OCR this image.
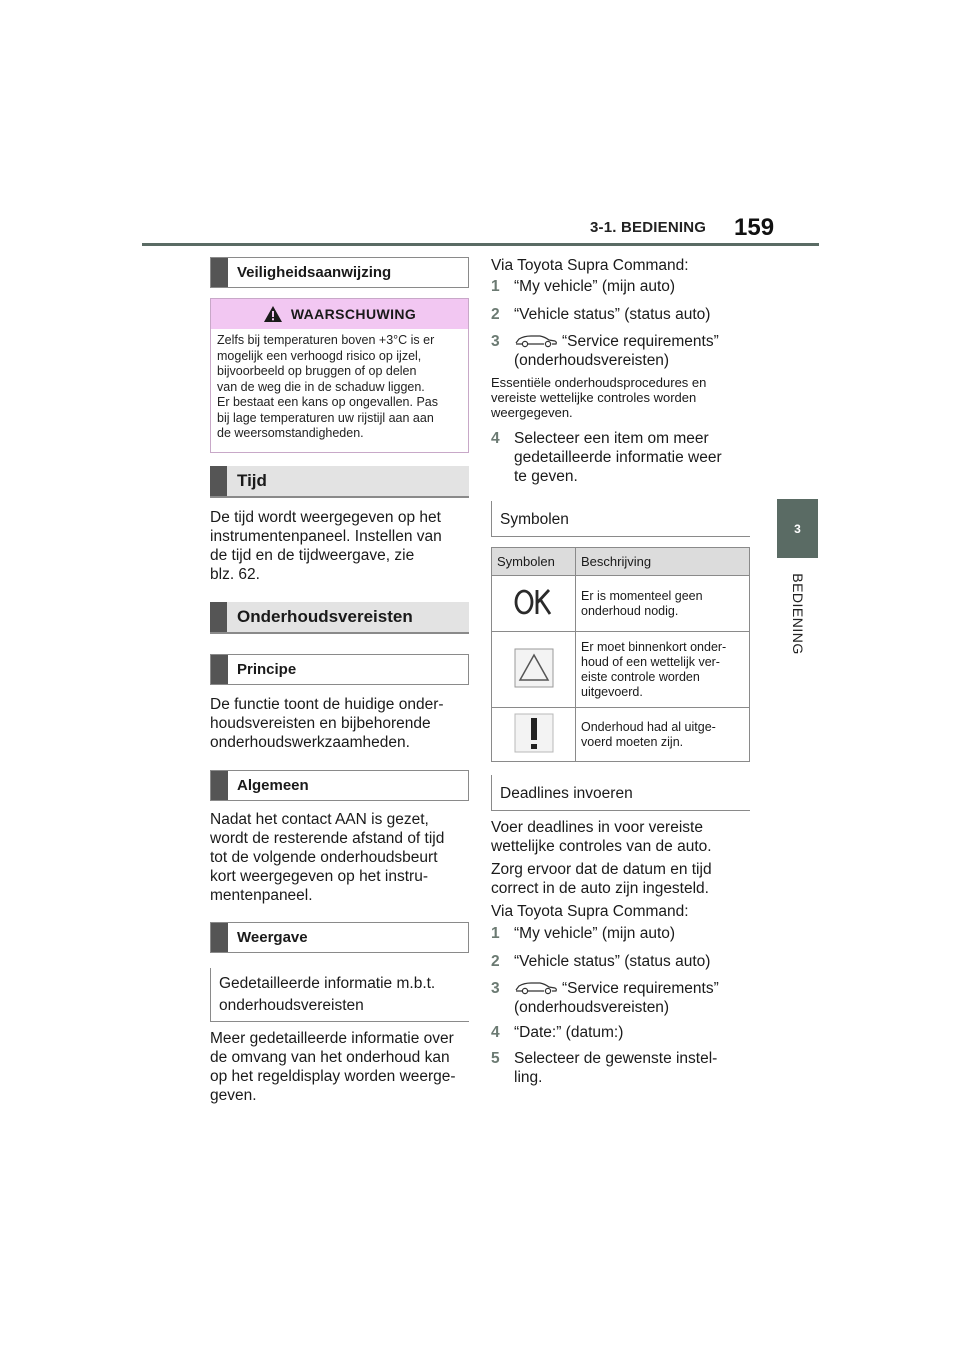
3-1. BEDIENING 159
3
BEDIENING
Veiligheidsaanwijzing
WAARSCHUWING
Zelfs bij temperaturen boven +3°C is er
mogelijk een verhoogd risico op ijzel,
bijvoorbeeld op bruggen of op delen
van de weg die in de schaduw liggen.
Er bestaat een kans op ongevallen. Pas
bij lage temperaturen uw rijstijl aan aan
de weersomstandigheden.
Tijd
De tijd wordt weergegeven op het
instrumentenpaneel. Instellen van
de tijd en de tijdweergave, zie
blz. 62.
Onderhoudsvereisten
Principe
De functie toont de huidige onder-
houdsvereisten en bijbehorende
onderhoudswerkzaamheden.
Algemeen
Nadat het contact AAN is gezet,
wordt de resterende afstand of tijd
tot de volgende onderhoudsbeurt
kort weergegeven op het instru-
mentenpaneel.
Weergave
Gedetailleerde informatie m.b.t.
onderhoudsvereisten
Meer gedetailleerde informatie over
de omvang van het onderhoud kan
op het regeldisplay worden weerge-
geven.
Via Toyota Supra Command:
1 “My vehicle” (mijn auto)
2 “Vehicle status” (status auto)
3	“Service requirements”
(onderhoudsvereisten)
Essentiële onderhoudsprocedures en
vereiste wettelijke controles worden
weergegeven.
4 Selecteer een item om meer
gedetailleerde informatie weer
te geven.
Symbolen
Symbolen	Beschrijving

Er is momenteel geen
onderhoud nodig.

Er moet binnenkort onder-
houd of een wettelijk ver-
eiste controle worden
uitgevoerd.

Onderhoud had al uitge-
voerd moeten zijn.
Deadlines invoeren
Voer deadlines in voor vereiste
wettelijke controles van de auto.
Zorg ervoor dat de datum en tijd
correct in de auto zijn ingesteld.
Via Toyota Supra Command:
1 “My vehicle” (mijn auto)
2 “Vehicle status” (status auto)
3	“Service requirements”
(onderhoudsvereisten)
4 “Date:” (datum:)
5 Selecteer de gewenste instel-
ling.
